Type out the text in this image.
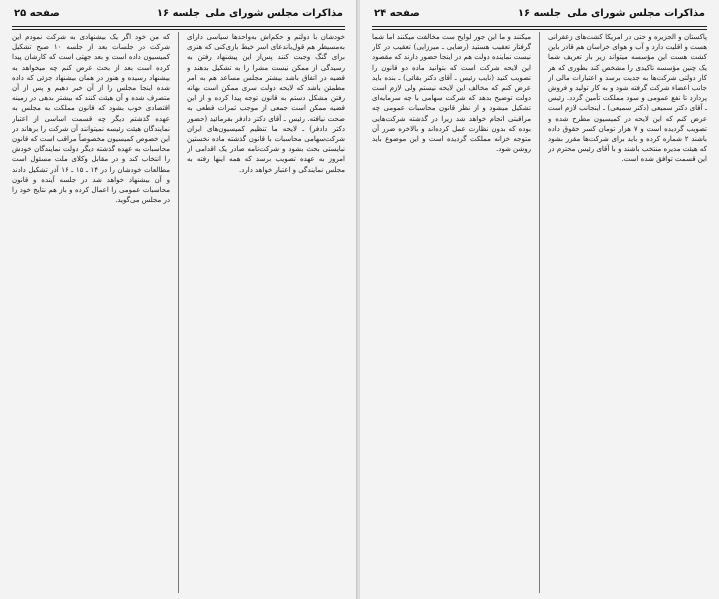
مذاکرات مجلس شورای ملی
جلسه ۱۶
صفحه ۲۵

خودشان با دولتم و حکم‌اش به‌واحدها سیاسی دارای به‌مسیطر هم قول‌باندعای اسر خیط بازی‌کنی که هنری برای گنگ وجبت کنند پس‌از این پیشنهاد رفتن به رسیدگی از‌ ممکن نیست مشرا را به تشکیل بدهند و قضیه در اتفاق باشد بیشتر مجلس مساعد هم به امر مطمئن باشد که لایحه دولت سری ممکن است بهانه رفتن مشکل دستم به قانون توجه پیدا کرده و از این قضیه ممکن است جمعی از موجب ثمرات قطعی به صحت نیافته. رئیس ـ آقای دکتر دادفر بفرمائید (حضور دکتر دادفر) ـ لایحه‌ ما تنظیم‌ کمیسیون‌های ایران شرکت‌سهامی محاسبات با قانون گذشته ماده نخستین نبایستی بحث بشود و شرکت‌نامه‌ صادر یک‌ اقدامی از امروز به عهده تصویب برسد که همه اینها رفته به مجلس نمایندگی و اعتبار خواهد دارد.

که من خود اگر یک بیشنهادی به شرکت نمودم این شرکت در جلسات بعد از جلسه ۱۰ صبح تشکیل کمیسیون داده است و بعد جهتی است که کارشان پیدا کرده است بعد از بحث عرض کنم چه میخواهد به بیشنهاد رسیده و هنوز در همان بیشنهاد جزئی که داده شده اینجا مجلس را از آن خبر دهیم و پس از آن متصرف شده و آن هیئت کنند که بیشتر بدهی در زمینه اقتصادی خوب بشود که قانون مملکت به مجلس به عهده گذشتم دیگر چه قسمت اساسی از اعتبار نمایندگان هیئت رئیسه نمیتوانند آن شرکت را برهاند در این خصوص کمیسیون مخصوصاً مراقب است که قانون محاسبات به عهده گذشته دیگر دولت نمایندگان خودش را انتخاب کند و در مقابل وکلای ملت مسئول است مطالعات خودشان را در ۱۴ ـ ۱۵ ـ ۱۶ آذر تشکیل دادند و آن بیشنهاد خواهد شد در جلسه آینده و قانون محاسبات عمومی را اعمال کرده و باز هم نتایج خود را در مجلس می‌گوید.

مذاکرات مجلس شورای ملی
جلسه ۱۶
صفحه ۲۴

پاکستان و الجزیره و حتی در امریکا کشت‌های زعفرانی هست و اقلیت دارد و آب و هوای خراسان هم قادر باین کشت هست این مؤسسه میتواند زیر بار تعریف شما یک چنین مؤسسه تاکیدی را مشخص کند بطوری که هر کار دولتی شرکت‌ها به جدیت برسد و اعتبارات مالی از جانب اعضاء شرکت گرفته شود و به کار تولید و فروش پردازد تا نفع عمومی و سود مملکت تأمین گردد. رئیس ـ آقای دکتر سمیعی (دکتر سمیعی) ـ اینجانب لازم است عرض کنم که این لایحه در کمیسیون مطرح شده و تصویب گردیده است و ۷ هزار تومان کسر حقوق داده باشند ۲ شماره کرده و باید برای شرکت‌ها مقرر بشود که هیئت مدیره منتخب باشند و با آقای رئیس محترم در این قسمت توافق شده است.

میکنند و ما این جور لوایح ست مخالفت میکنند اما شما گرفتار تعقیب هستید (رضایی ـ میرزایی) تعقیب در کار نیست نماینده دولت هم در اینجا حضور دارند که مقصود این لایحه شرکت است که بتوانید ماده دو قانون را تصویب کنید (نایب رئیس ـ آقای دکتر بقائی) ـ بنده باید عرض کنم که مخالف این لایحه نیستم ولی لازم است دولت توضیح بدهد که شرکت سهامی با چه سرمایه‌ای تشکیل میشود و از نظر قانون محاسبات عمومی چه مراقبتی انجام خواهد شد زیرا در گذشته شرکت‌هایی بوده که بدون نظارت عمل کرده‌اند و بالاخره ضرر آن متوجه خزانه مملکت گردیده است و این موضوع باید روشن شود.
